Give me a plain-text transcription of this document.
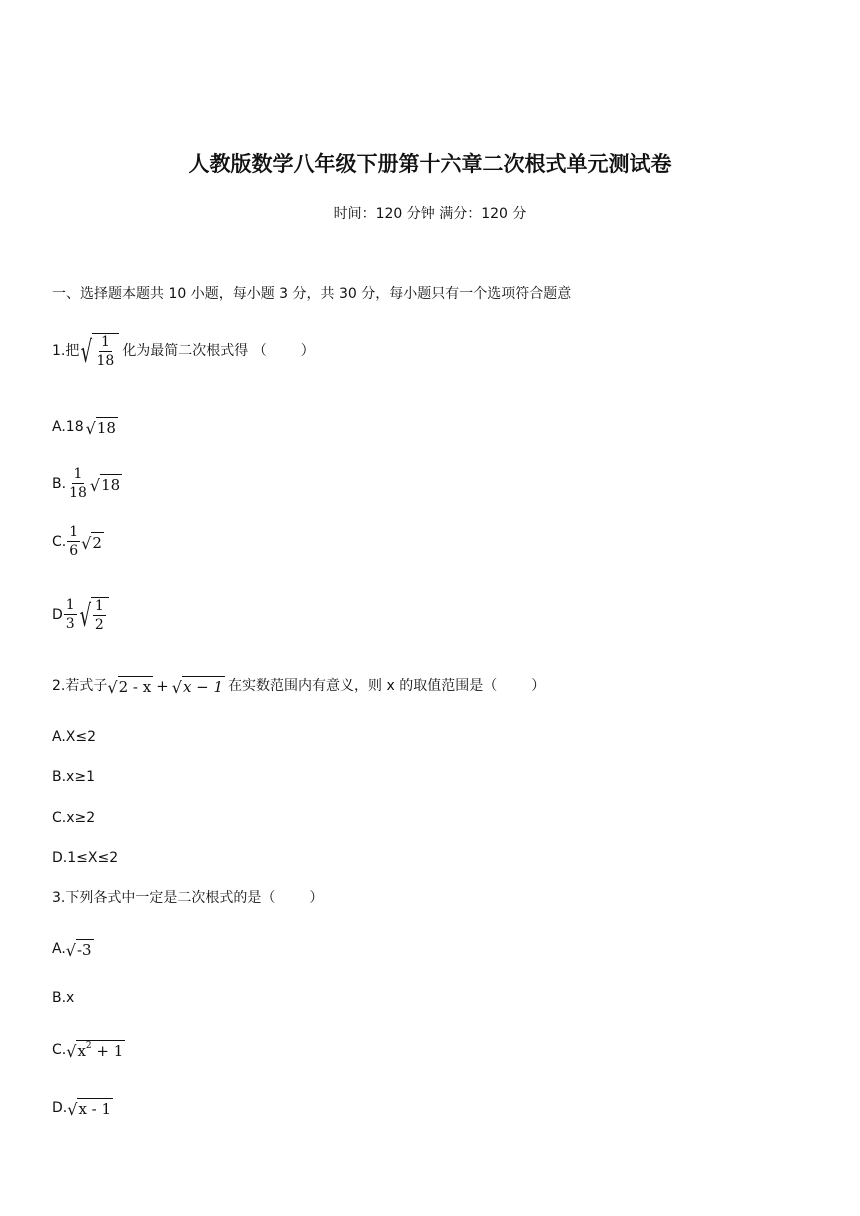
人教版数学八年级下册第十六章二次根式单元测试卷
时间：120 分钟 满分：120 分
一、选择题本题共 10 小题，每小题 3 分，共 30 分，每小题只有一个选项符合题意
1.把 √ $\frac{1}{18}$ 化为最简二次根式得 （ ）
A. 18 √ 18
B. $\frac{1}{18}$ √ 18
C. $\frac{1}{6}$ √ 2
D $\frac{1}{3}$ √ $\frac{1}{2}$
2.若式子 √ 2 - x + √ x − 1 在实数范围内有意义，则 x 的取值范围是（ ）
A.X≤2
B.x≥1
C.x≥2
D.1≤X≤2
3.下列各式中一定是二次根式的是（ ）
A. √ -3
B.x
C. √ $x^2 + 1$
D. √ x - 1
